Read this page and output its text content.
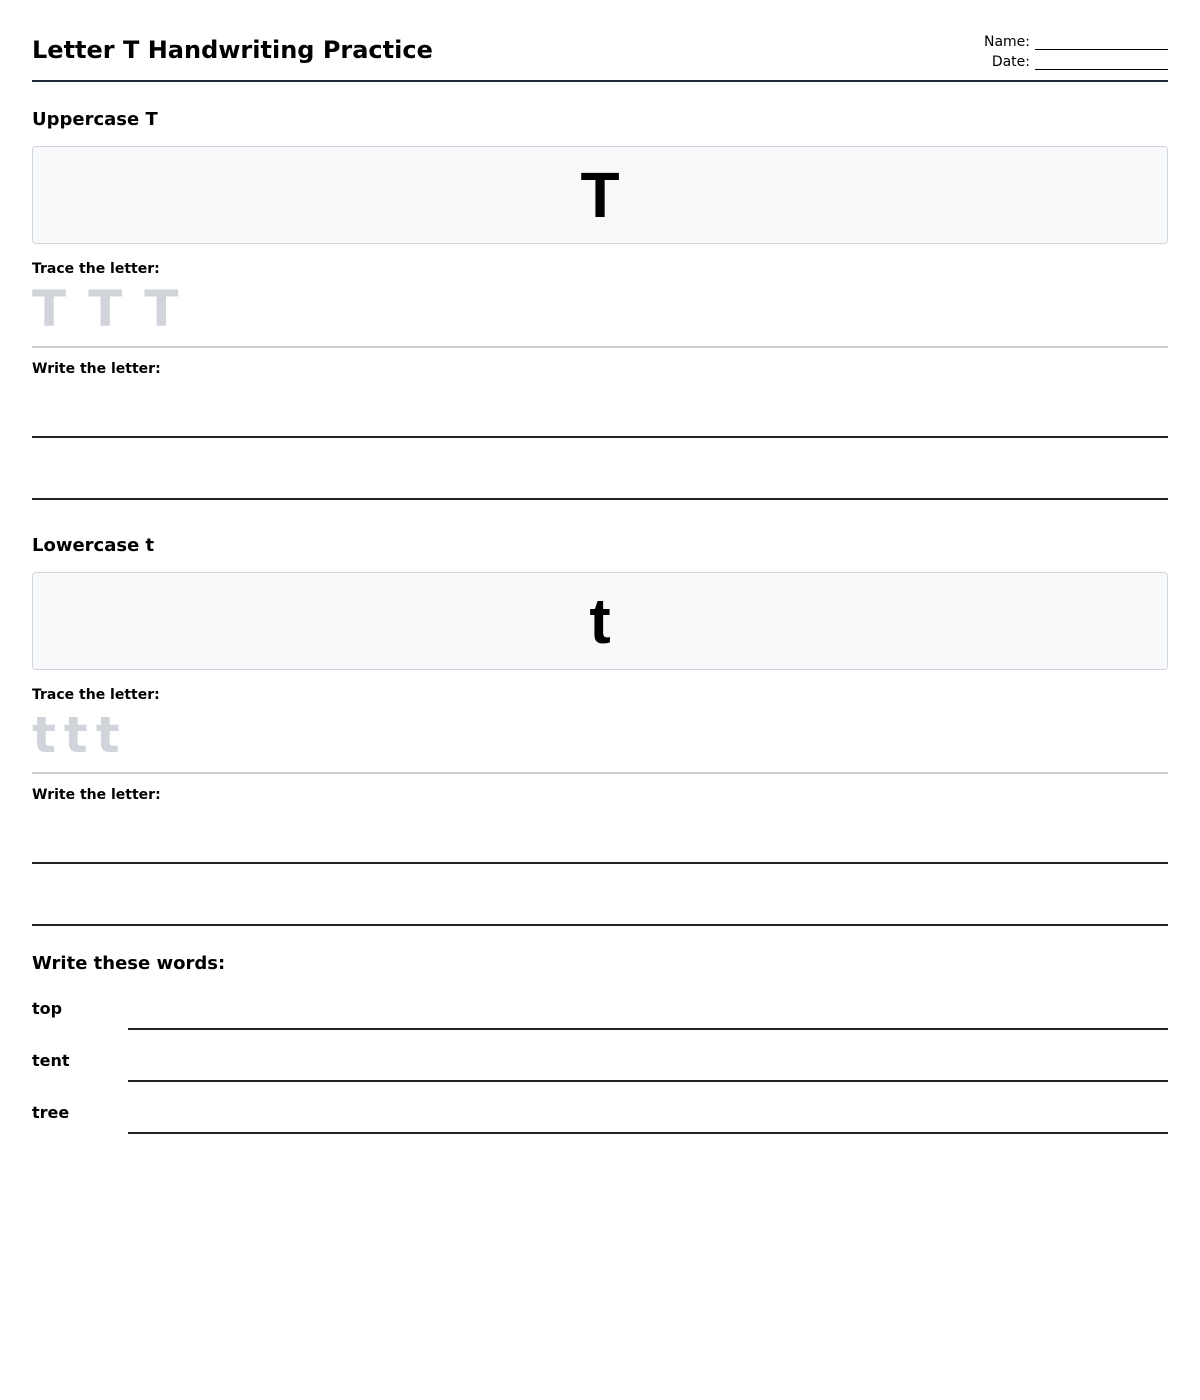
Letter T Handwriting Practice	Name:
Date:
Uppercase T
T
Trace the letter:
T T T
Write the letter:
Lowercase t
t
Trace the letter:
t t t
Write the letter:
Write these words:
top
tent
tree
